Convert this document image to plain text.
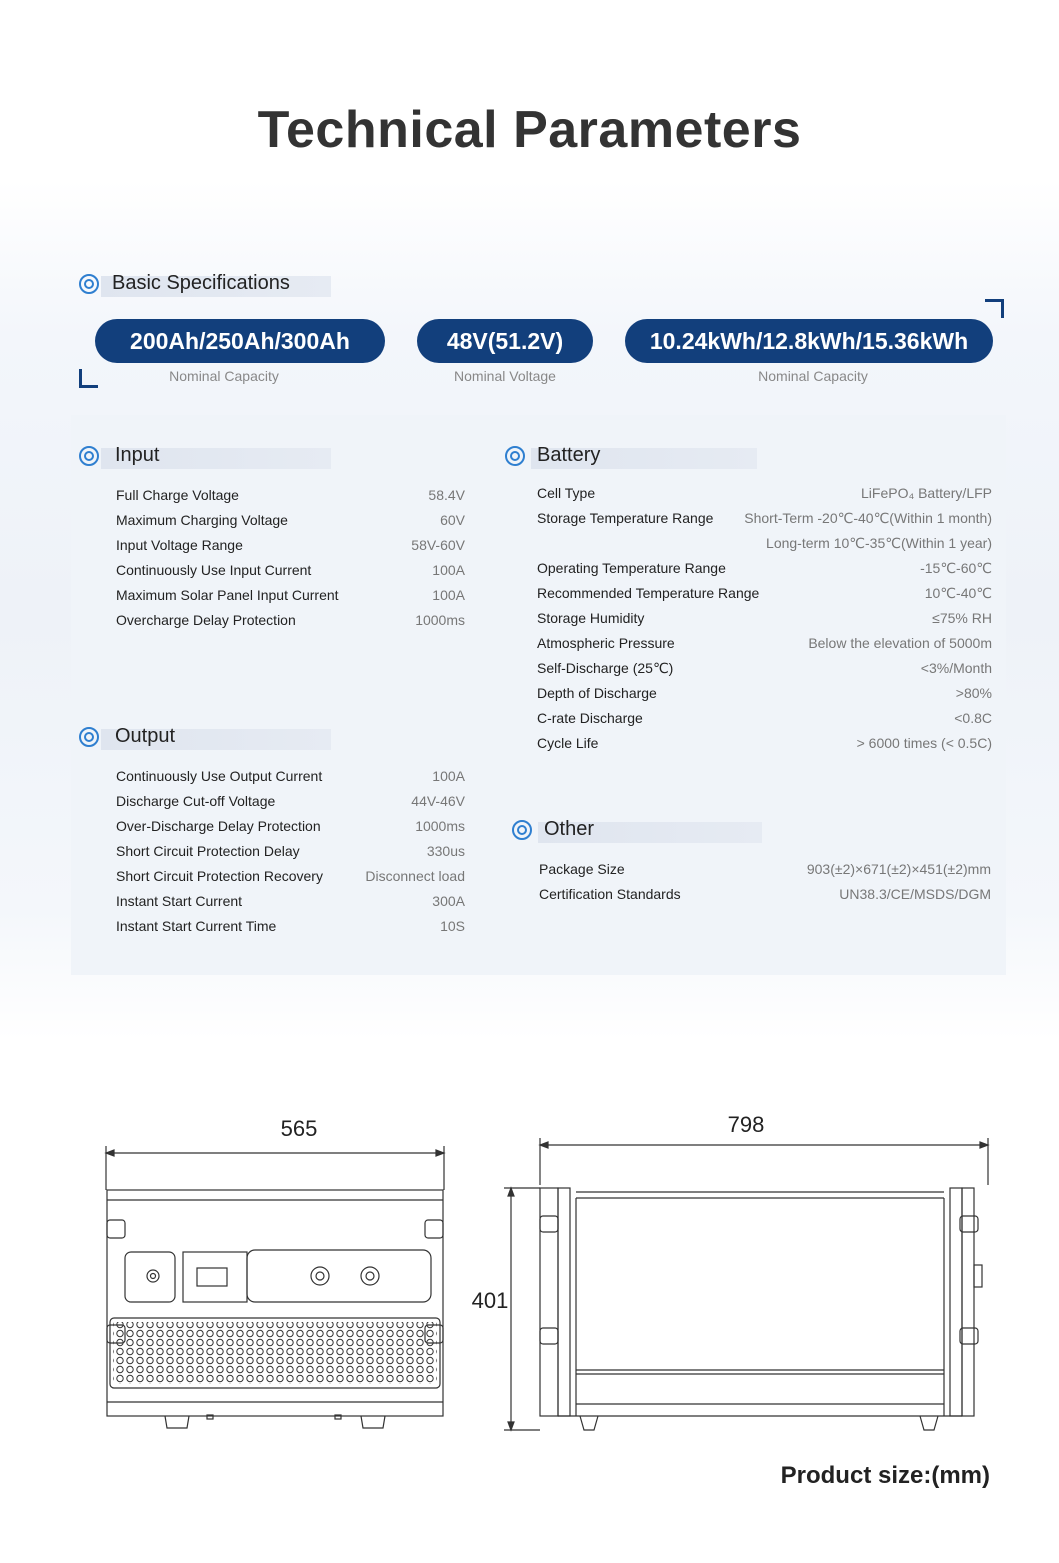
Technical Parameters
Basic Specifications
200Ah/250Ah/300Ah
Nominal Capacity
48V(51.2V)
Nominal Voltage
10.24kWh/12.8kWh/15.36kWh
Nominal Capacity
Input
Full Charge Voltage	58.4V
Maximum Charging Voltage	60V
Input Voltage Range	58V-60V
Continuously Use Input Current	100A
Maximum Solar Panel Input Current	100A
Overcharge Delay Protection	1000ms
Output
Continuously Use Output Current	100A
Discharge Cut-off Voltage	44V-46V
Over-Discharge Delay Protection	1000ms
Short Circuit Protection Delay	330us
Short Circuit Protection Recovery	Disconnect load
Instant Start Current	300A
Instant Start Current Time	10S
Battery
Cell Type	LiFePO₄ Battery/LFP
Storage Temperature Range Short-Term -20℃-40℃(Within 1 month)
Long-term 10℃-35℃(Within 1 year)
Operating Temperature Range	-15℃-60℃
Recommended Temperature Range	10℃-40℃
Storage Humidity	≤75% RH
Atmospheric Pressure	Below the elevation of 5000m
Self-Discharge (25℃)	<3%/Month
Depth of Discharge	>80%
C-rate Discharge	<0.8C
Cycle Life	> 6000 times (< 0.5C)
Other
Package Size	903(±2)×671(±2)×451(±2)mm
Certification Standards	UN38.3/CE/MSDS/DGM
565	798
401
Product size:(mm)
